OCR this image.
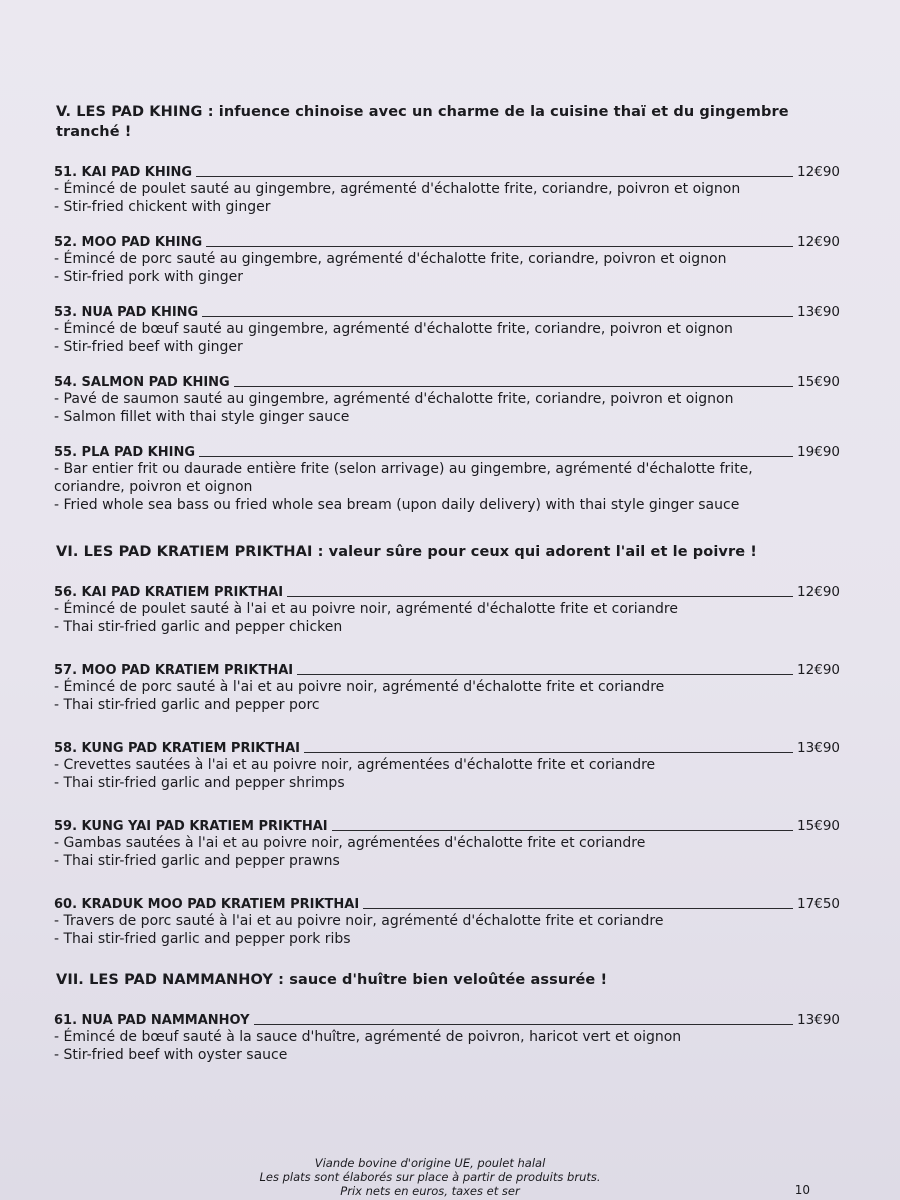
V. LES PAD KHING : infuence chinoise avec un charme de la cuisine thaï et du gingembre tranché !
51. KAI PAD KHING	12€90
- Émincé de poulet sauté au gingembre, agrémenté d'échalotte frite, coriandre, poivron et oignon
- Stir-fried chickent with ginger
52. MOO PAD KHING	12€90
- Émincé de porc sauté au gingembre, agrémenté d'échalotte frite, coriandre, poivron et oignon
- Stir-fried pork with ginger
53. NUA PAD KHING	13€90
- Émincé de bœuf sauté au gingembre, agrémenté d'échalotte frite, coriandre, poivron et oignon
- Stir-fried beef with ginger
54. SALMON PAD KHING	15€90
- Pavé de saumon sauté au gingembre, agrémenté d'échalotte frite, coriandre, poivron et oignon
- Salmon fillet with thai style ginger sauce
55. PLA PAD KHING	19€90
- Bar entier frit ou daurade entière frite (selon arrivage) au gingembre, agrémenté d'échalotte frite,
coriandre, poivron et oignon
- Fried whole sea bass ou fried whole sea bream (upon daily delivery) with thai style ginger sauce
VI. LES PAD KRATIEM PRIKTHAI : valeur sûre pour ceux qui adorent l'ail et le poivre !
56. KAI PAD KRATIEM PRIKTHAI	12€90
- Émincé de poulet sauté à l'ai et au poivre noir, agrémenté d'échalotte frite et coriandre
- Thai stir-fried garlic and pepper chicken
57. MOO PAD KRATIEM PRIKTHAI	12€90
- Émincé de porc sauté à l'ai et au poivre noir, agrémenté d'échalotte frite et coriandre
- Thai stir-fried garlic and pepper porc
58. KUNG PAD KRATIEM PRIKTHAI	13€90
- Crevettes sautées à l'ai et au poivre noir, agrémentées d'échalotte frite et coriandre
- Thai stir-fried garlic and pepper shrimps
59. KUNG YAI PAD KRATIEM PRIKTHAI	15€90
- Gambas sautées à l'ai et au poivre noir, agrémentées d'échalotte frite et coriandre
- Thai stir-fried garlic and pepper prawns
60. KRADUK MOO PAD KRATIEM PRIKTHAI	17€50
- Travers de porc sauté à l'ai et au poivre noir, agrémenté d'échalotte frite et coriandre
- Thai stir-fried garlic and pepper pork ribs
VII. LES PAD NAMMANHOY : sauce d'huître bien veloûtée assurée !
61. NUA PAD NAMMANHOY	13€90
- Émincé de bœuf sauté à la sauce d'huître, agrémenté de poivron, haricot vert et oignon
- Stir-fried beef with oyster sauce
Viande bovine d'origine UE, poulet halal
Les plats sont élaborés sur place à partir de produits bruts.
Prix nets en euros, taxes et ser	10
